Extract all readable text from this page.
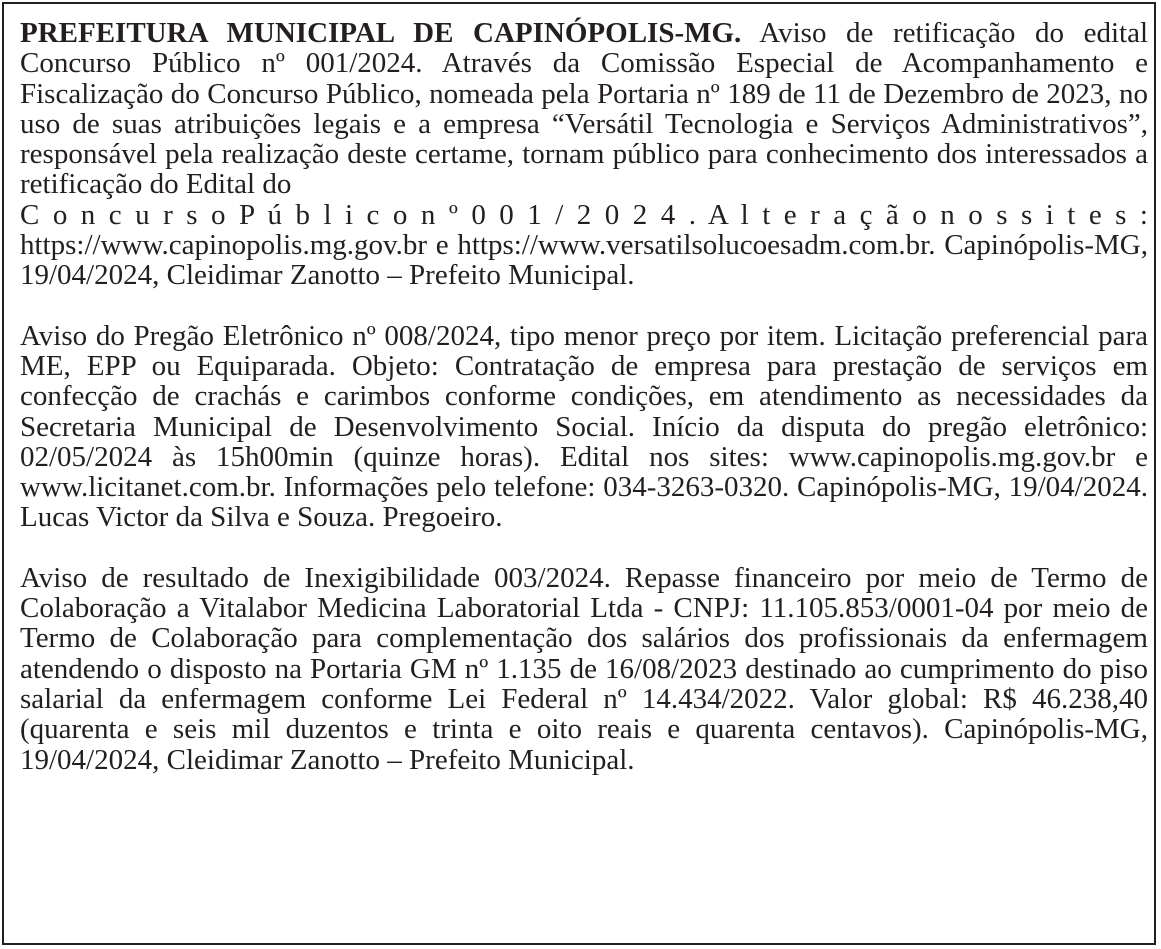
PREFEITURA MUNICIPAL DE CAPINÓPOLIS-MG. Aviso de retificação do edital Concurso Público nº 001/2024. Através da Comissão Especial de Acompanhamento e Fiscalização do Concurso Público, nomeada pela Portaria nº 189 de 11 de Dezembro de 2023, no uso de suas atribuições legais e a empresa “Versátil Tecnologia e Serviços Administrativos”, responsável pela realização deste certame, tornam público para conhecimento dos interessados a retificação do Edital do
C o n c u r s o P ú b l i c o n º 0 0 1 / 2 0 2 4 . A l t e r a ç ã o n o s s i t e s :
https://www.capinopolis.mg.gov.br e https://www.versatilsolucoesadm.com.br. Capinópolis-MG, 19/04/2024, Cleidimar Zanotto – Prefeito Municipal.

Aviso do Pregão Eletrônico nº 008/2024, tipo menor preço por item. Licitação preferencial para ME, EPP ou Equiparada. Objeto: Contratação de empresa para prestação de serviços em confecção de crachás e carimbos conforme condições, em atendimento as necessidades da Secretaria Municipal de Desenvolvimento Social. Início da disputa do pregão eletrônico: 02/05/2024 às 15h00min (quinze horas). Edital nos sites: www.capinopolis.mg.gov.br e www.licitanet.com.br. Informações pelo telefone: 034-3263-0320. Capinópolis-MG, 19/04/2024. Lucas Victor da Silva e Souza. Pregoeiro.

Aviso de resultado de Inexigibilidade 003/2024. Repasse financeiro por meio de Termo de Colaboração a Vitalabor Medicina Laboratorial Ltda - CNPJ: 11.105.853/0001-04 por meio de Termo de Colaboração para complementação dos salários dos profissionais da enfermagem atendendo o disposto na Portaria GM nº 1.135 de 16/08/2023 destinado ao cumprimento do piso salarial da enfermagem conforme Lei Federal nº 14.434/2022. Valor global: R$ 46.238,40 (quarenta e seis mil duzentos e trinta e oito reais e quarenta centavos). Capinópolis-MG, 19/04/2024, Cleidimar Zanotto – Prefeito Municipal.
